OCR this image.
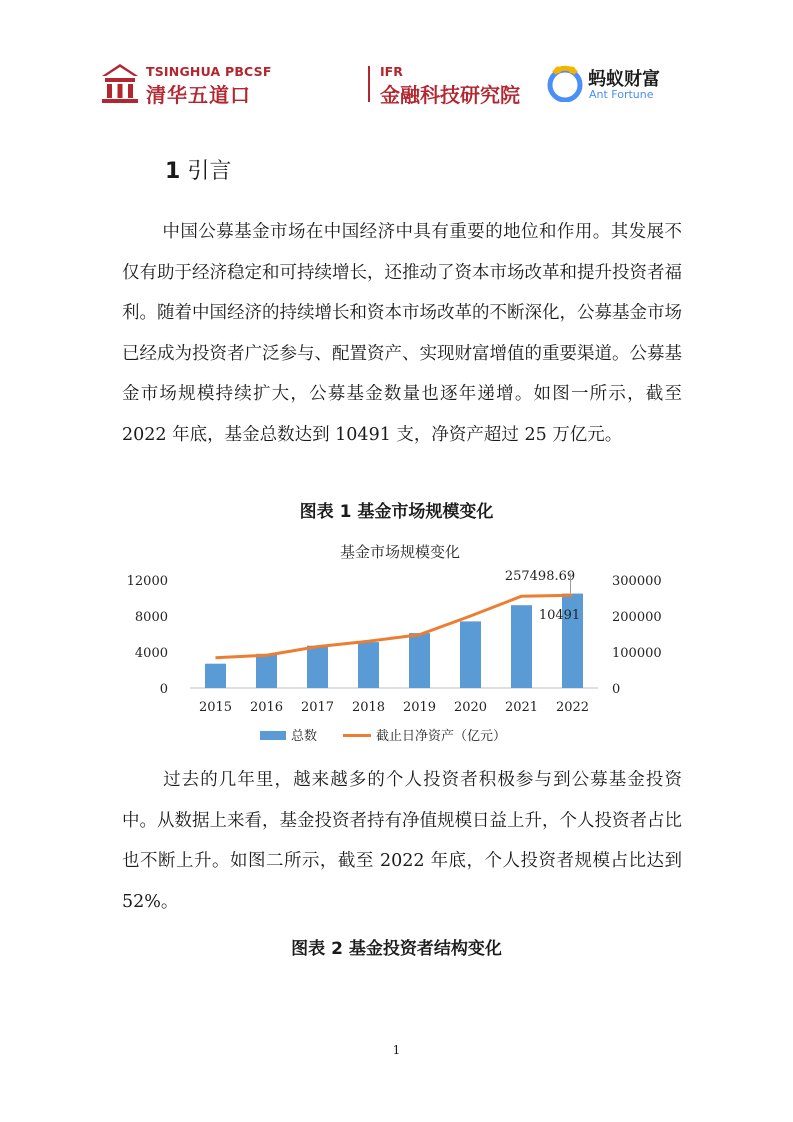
TSINGHUA PBCSF
清华五道口
IFR
金融科技研究院
蚂蚁财富
Ant Fortune
1 引言

中国公募基金市场在中国经济中具有重要的地位和作用。其发展不仅有助于经济稳定和可持续增长，还推动了资本市场改革和提升投资者福利。随着中国经济的持续增长和资本市场改革的不断深化，公募基金市场已经成为投资者广泛参与、配置资产、实现财富增值的重要渠道。公募基金市场规模持续扩大，公募基金数量也逐年递增。如图一所示，截至 2022 年底，基金总数达到 10491 支，净资产超过 25 万亿元。

图表 1 基金市场规模变化
基金市场规模变化
0
4000
8000
12000
0
100000
200000
300000
2015 2016 2017 2018 2019 2020 2021 2022
257498.69
10491
总数	截止日净资产（亿元）

过去的几年里，越来越多的个人投资者积极参与到公募基金投资中。从数据上来看，基金投资者持有净值规模日益上升，个人投资者占比也不断上升。如图二所示，截至 2022 年底，个人投资者规模占比达到 52%。

图表 2 基金投资者结构变化
1
